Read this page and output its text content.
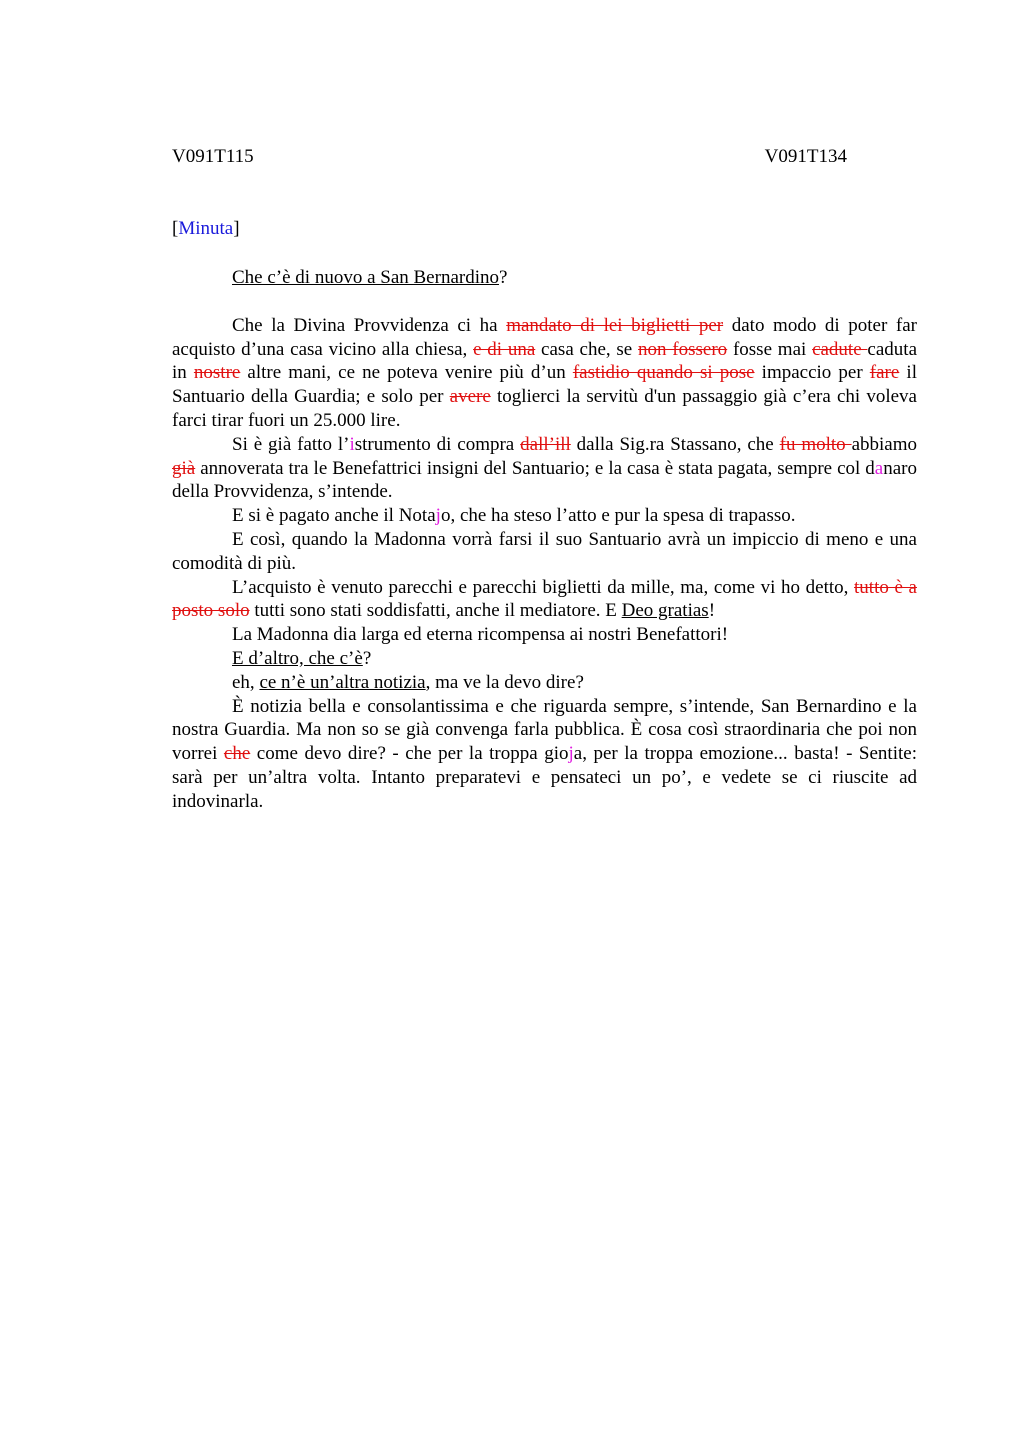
V091T115	V091T134
[Minuta]

Che c’è di nuovo a San Bernardino?

Che la Divina Provvidenza ci ha mandato di lei biglietti per dato modo di poter far acquisto d’una casa vicino alla chiesa, e di una casa che, se non fossero fosse mai cadute caduta in nostre altre mani, ce ne poteva venire più d’un fastidio quando si pose impaccio per fare il Santuario della Guardia; e solo per avere toglierci la servitù d'un passaggio già c’era chi voleva farci tirar fuori un 25.000 lire.

Si è già fatto l’istrumento di compra dall’ill dalla Sig.ra Stassano, che fu molto abbiamo già annoverata tra le Benefattrici insigni del Santuario; e la casa è stata pagata, sempre col danaro della Provvidenza, s’intende.

E si è pagato anche il Notajo, che ha steso l’atto e pur la spesa di trapasso.

E così, quando la Madonna vorrà farsi il suo Santuario avrà un impiccio di meno e una comodità di più.

L’acquisto è venuto parecchi e parecchi biglietti da mille, ma, come vi ho detto, tutto è a posto solo tutti sono stati soddisfatti, anche il mediatore. E Deo gratias!

La Madonna dia larga ed eterna ricompensa ai nostri Benefattori!

E d’altro, che c’è?

eh, ce n’è un’altra notizia, ma ve la devo dire?

È notizia bella e consolantissima e che riguarda sempre, s’intende, San Bernardino e la nostra Guardia. Ma non so se già convenga farla pubblica. È cosa così straordinaria che poi non vorrei che come devo dire? - che per la troppa gioja, per la troppa emozione... basta! - Sentite: sarà per un’altra volta. Intanto preparatevi e pensateci un po’, e vedete se ci riuscite ad indovinarla.
